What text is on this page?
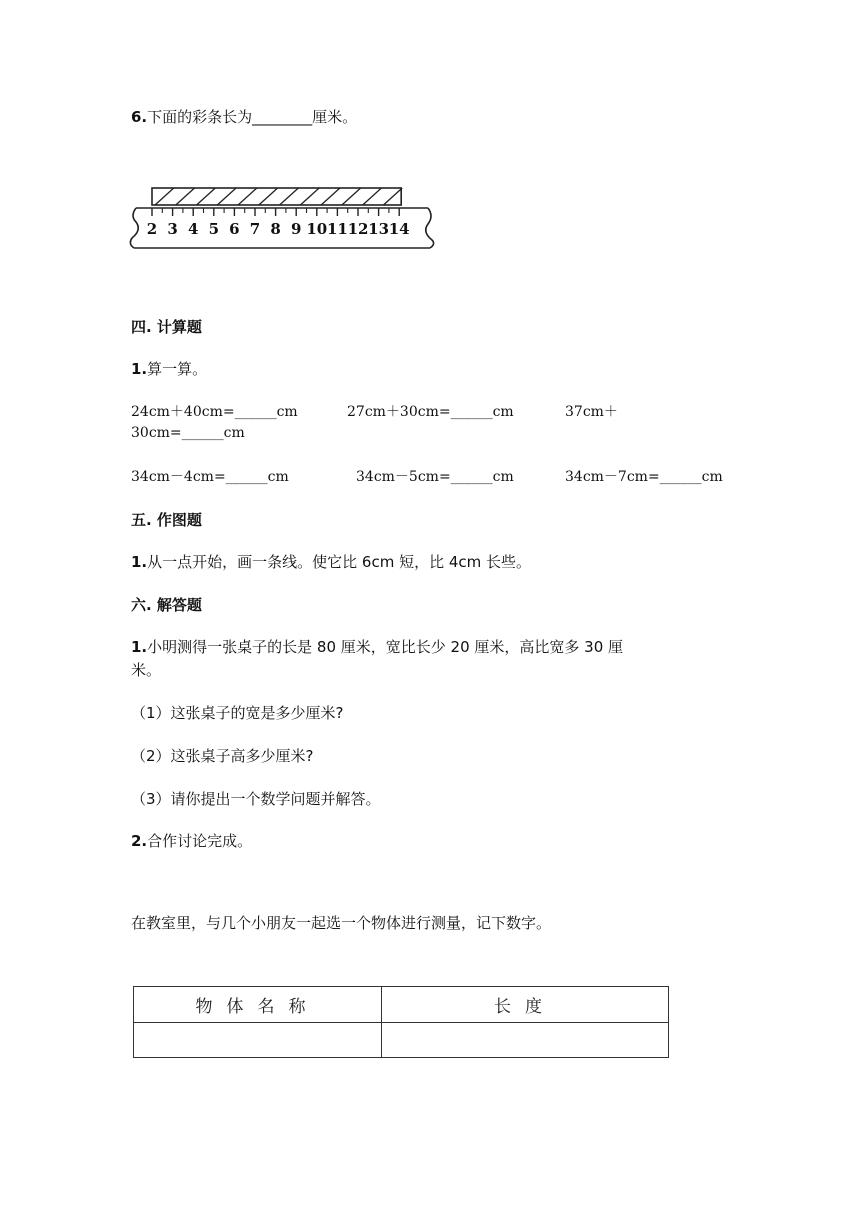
6.下面的彩条长为________厘米。
2 3 4 5 6 7 8 9 10 11 12 13 14
四. 计算题
1.算一算。
24cm＋40cm=______cm	27cm＋30cm=______cm	37cm＋
30cm=______cm
34cm－4cm=______cm	34cm－5cm=______cm	34cm－7cm=______cm
五. 作图题
1.从一点开始，画一条线。使它比 6cm 短，比 4cm 长些。
六. 解答题
1.小明测得一张桌子的长是 80 厘米，宽比长少 20 厘米，高比宽多 30 厘
米。
（1）这张桌子的宽是多少厘米?
（2）这张桌子高多少厘米?
（3）请你提出一个数学问题并解答。
2.合作讨论完成。
在教室里，与几个小朋友一起选一个物体进行测量，记下数字。
物体名称	长度
